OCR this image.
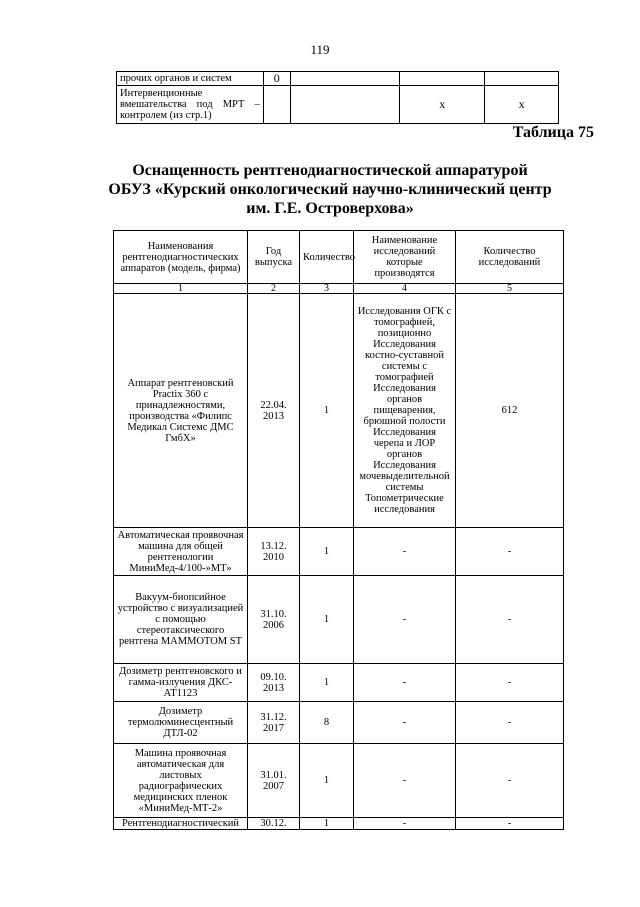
119
прочих органов и систем	0			
Интервенционные вмешательства под МРТ – контролем (из стр.1)			х	х
Таблица 75
Оснащенность рентгенодиагностической аппаратурой
ОБУЗ «Курский онкологический научно-клинический центр
им. Г.Е. Островерхова»
Наименования рентгенодиагностических аппаратов (модель, фирма)	Год выпуска	Количество	Наименование исследований которые производятся	Количество исследований
1	2	3	4	5
Аппарат рентгеновский Practix 360 с принадлежностями, производства «Филипс Медикал Системс ДМС ГмбХ»	22.04. 2013	1	Исследования ОГК с томографией, позиционно Исследования костно-суставной системы с томографией Исследования органов пищеварения, брюшной полости Исследования черепа и ЛОР органов Исследования мочевыделительной системы Топометрические исследования	612
Автоматическая проявочная машина для общей рентгенологии МиниМед-4/100-»МТ»	13.12. 2010	1	-	-
Вакуум-биопсийное устройство с визуализацией с помощью стереотаксического рентгена MAMMOTOM ST	31.10. 2006	1	-	-
Дозиметр рентгеновского и гамма-излучения ДКС-АТ1123	09.10. 2013	1	-	-
Дозиметр термолюминесцентный ДТЛ-02	31.12. 2017	8	-	-
Машина проявочная автоматическая для листовых радиографических медицинских пленок «МиниМед-МТ-2»	31.01. 2007	1	-	-
Рентгенодиагностический	30.12.	1	-	-
